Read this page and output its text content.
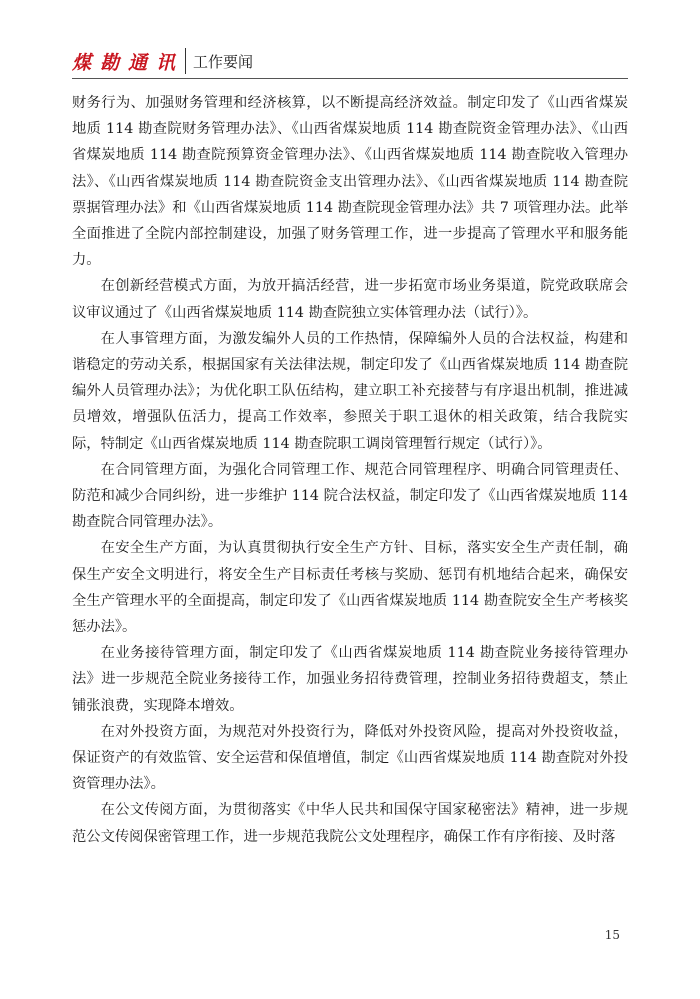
煤勘通讯 工作要闻

财务行为、加强财务管理和经济核算，以不断提高经济效益。制定印发了《山西省煤炭地质 114 勘查院财务管理办法》、《山西省煤炭地质 114 勘查院资金管理办法》、《山西省煤炭地质 114 勘查院预算资金管理办法》、《山西省煤炭地质 114 勘查院收入管理办法》、《山西省煤炭地质 114 勘查院资金支出管理办法》、《山西省煤炭地质 114 勘查院票据管理办法》和《山西省煤炭地质 114 勘查院现金管理办法》共 7 项管理办法。此举全面推进了全院内部控制建设，加强了财务管理工作，进一步提高了管理水平和服务能力。

在创新经营模式方面，为放开搞活经营，进一步拓宽市场业务渠道，院党政联席会议审议通过了《山西省煤炭地质 114 勘查院独立实体管理办法（试行）》。

在人事管理方面，为激发编外人员的工作热情，保障编外人员的合法权益，构建和谐稳定的劳动关系，根据国家有关法律法规，制定印发了《山西省煤炭地质 114 勘查院编外人员管理办法》；为优化职工队伍结构，建立职工补充接替与有序退出机制，推进减员增效，增强队伍活力，提高工作效率，参照关于职工退休的相关政策，结合我院实际，特制定《山西省煤炭地质 114 勘查院职工调岗管理暂行规定（试行）》。

在合同管理方面，为强化合同管理工作、规范合同管理程序、明确合同管理责任、防范和减少合同纠纷，进一步维护 114 院合法权益，制定印发了《山西省煤炭地质 114 勘查院合同管理办法》。

在安全生产方面，为认真贯彻执行安全生产方针、目标，落实安全生产责任制，确保生产安全文明进行，将安全生产目标责任考核与奖励、惩罚有机地结合起来，确保安全生产管理水平的全面提高，制定印发了《山西省煤炭地质 114 勘查院安全生产考核奖惩办法》。

在业务接待管理方面，制定印发了《山西省煤炭地质 114 勘查院业务接待管理办法》进一步规范全院业务接待工作，加强业务招待费管理，控制业务招待费超支，禁止铺张浪费，实现降本增效。

在对外投资方面，为规范对外投资行为，降低对外投资风险，提高对外投资收益，保证资产的有效监管、安全运营和保值增值，制定《山西省煤炭地质 114 勘查院对外投资管理办法》。

在公文传阅方面，为贯彻落实《中华人民共和国保守国家秘密法》精神，进一步规范公文传阅保密管理工作，进一步规范我院公文处理程序，确保工作有序衔接、及时落

15
